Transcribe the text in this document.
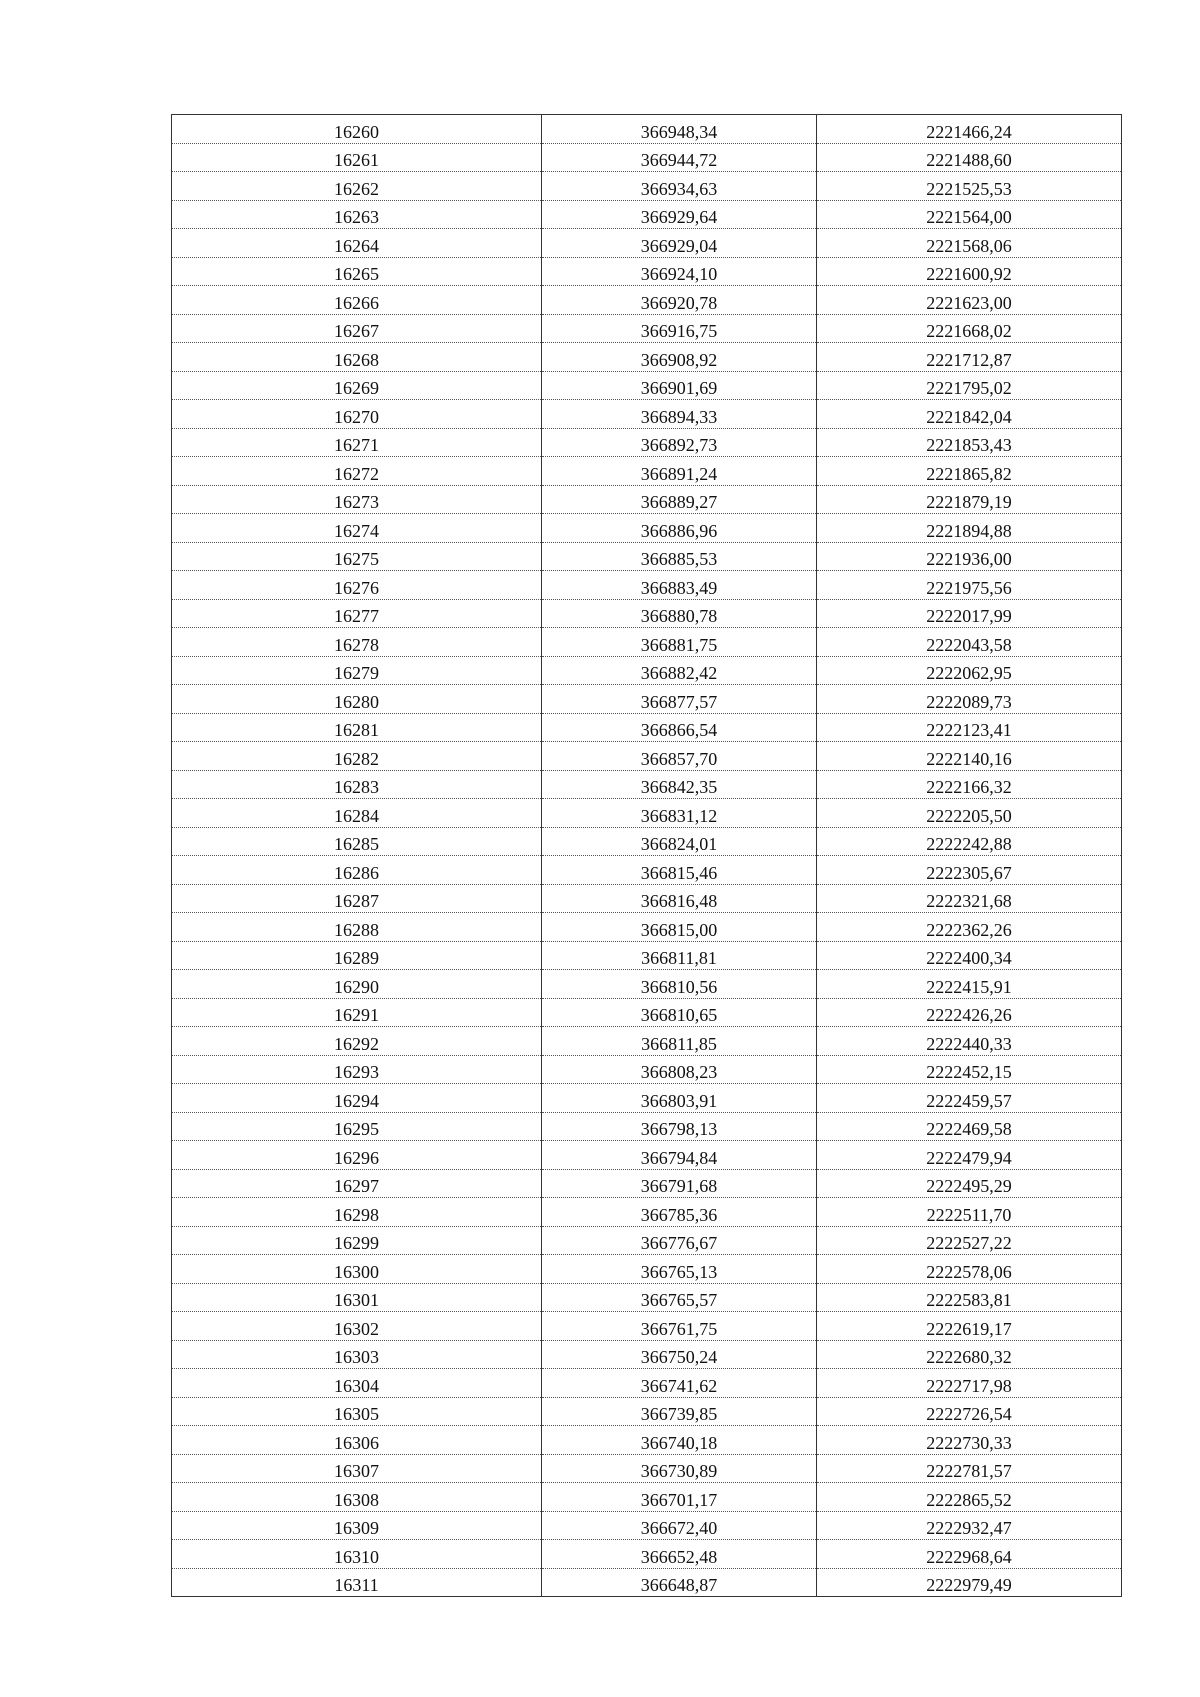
16260	366948,34	2221466,24
16261	366944,72	2221488,60
16262	366934,63	2221525,53
16263	366929,64	2221564,00
16264	366929,04	2221568,06
16265	366924,10	2221600,92
16266	366920,78	2221623,00
16267	366916,75	2221668,02
16268	366908,92	2221712,87
16269	366901,69	2221795,02
16270	366894,33	2221842,04
16271	366892,73	2221853,43
16272	366891,24	2221865,82
16273	366889,27	2221879,19
16274	366886,96	2221894,88
16275	366885,53	2221936,00
16276	366883,49	2221975,56
16277	366880,78	2222017,99
16278	366881,75	2222043,58
16279	366882,42	2222062,95
16280	366877,57	2222089,73
16281	366866,54	2222123,41
16282	366857,70	2222140,16
16283	366842,35	2222166,32
16284	366831,12	2222205,50
16285	366824,01	2222242,88
16286	366815,46	2222305,67
16287	366816,48	2222321,68
16288	366815,00	2222362,26
16289	366811,81	2222400,34
16290	366810,56	2222415,91
16291	366810,65	2222426,26
16292	366811,85	2222440,33
16293	366808,23	2222452,15
16294	366803,91	2222459,57
16295	366798,13	2222469,58
16296	366794,84	2222479,94
16297	366791,68	2222495,29
16298	366785,36	2222511,70
16299	366776,67	2222527,22
16300	366765,13	2222578,06
16301	366765,57	2222583,81
16302	366761,75	2222619,17
16303	366750,24	2222680,32
16304	366741,62	2222717,98
16305	366739,85	2222726,54
16306	366740,18	2222730,33
16307	366730,89	2222781,57
16308	366701,17	2222865,52
16309	366672,40	2222932,47
16310	366652,48	2222968,64
16311	366648,87	2222979,49
